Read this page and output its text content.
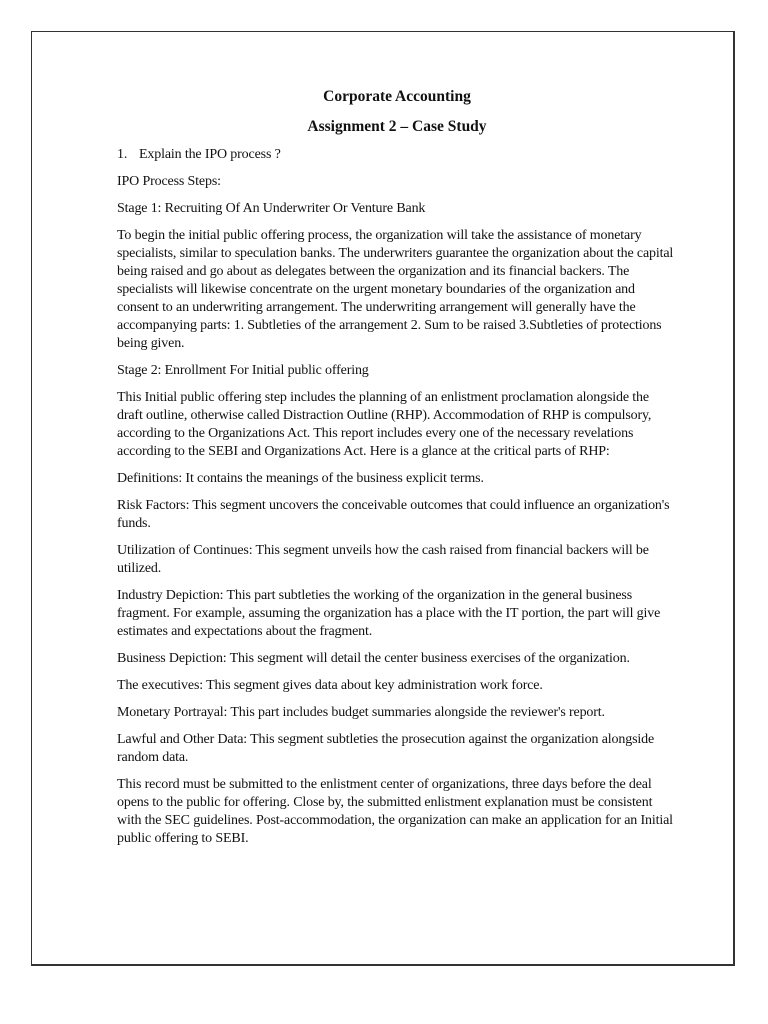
Corporate Accounting
Assignment 2 – Case Study

1. Explain the IPO process ?

IPO Process Steps:

Stage 1: Recruiting Of An Underwriter Or Venture Bank

To begin the initial public offering process, the organization will take the assistance of monetary specialists, similar to speculation banks. The underwriters guarantee the organization about the capital being raised and go about as delegates between the organization and its financial backers. The specialists will likewise concentrate on the urgent monetary boundaries of the organization and consent to an underwriting arrangement. The underwriting arrangement will generally have the accompanying parts: 1. Subtleties of the arrangement 2. Sum to be raised 3.Subtleties of protections being given.

Stage 2: Enrollment For Initial public offering

This Initial public offering step includes the planning of an enlistment proclamation alongside the draft outline, otherwise called Distraction Outline (RHP). Accommodation of RHP is compulsory, according to the Organizations Act. This report includes every one of the necessary revelations according to the SEBI and Organizations Act. Here is a glance at the critical parts of RHP:

Definitions: It contains the meanings of the business explicit terms.

Risk Factors: This segment uncovers the conceivable outcomes that could influence an organization's funds.

Utilization of Continues: This segment unveils how the cash raised from financial backers will be utilized.

Industry Depiction: This part subtleties the working of the organization in the general business fragment. For example, assuming the organization has a place with the IT portion, the part will give estimates and expectations about the fragment.

Business Depiction: This segment will detail the center business exercises of the organization.

The executives: This segment gives data about key administration work force.

Monetary Portrayal: This part includes budget summaries alongside the reviewer's report.

Lawful and Other Data: This segment subtleties the prosecution against the organization alongside random data.

This record must be submitted to the enlistment center of organizations, three days before the deal opens to the public for offering. Close by, the submitted enlistment explanation must be consistent with the SEC guidelines. Post-accommodation, the organization can make an application for an Initial public offering to SEBI.
